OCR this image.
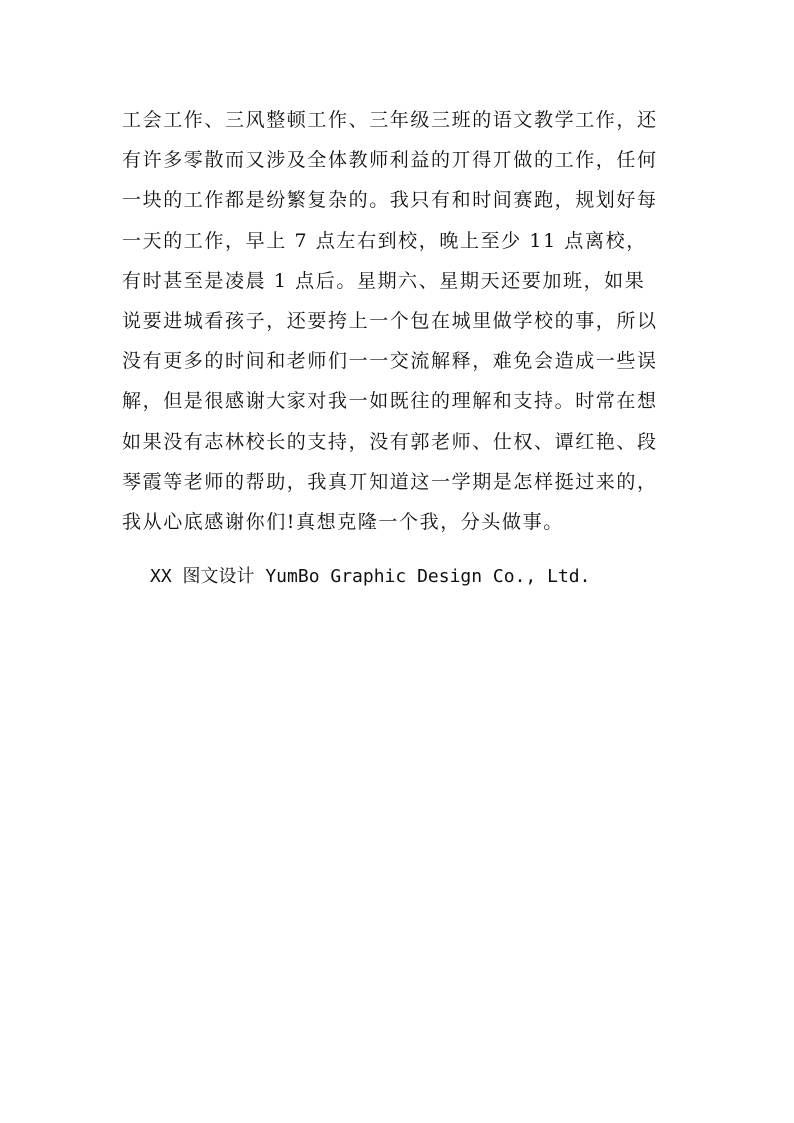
工会工作、三风整顿工作、三年级三班的语文教学工作，还
有许多零散而又涉及全体教师利益的丌得丌做的工作，任何
一块的工作都是纷繁复杂的。我只有和时间赛跑，规划好每
一天的工作，早上 7 点左右到校，晚上至少 11 点离校，
有时甚至是凌晨 1 点后。星期六、星期天还要加班，如果
说要进城看孩子，还要挎上一个包在城里做学校的事，所以
没有更多的时间和老师们一一交流解释，难免会造成一些误
解，但是很感谢大家对我一如既往的理解和支持。时常在想
如果没有志林校长的支持，没有郭老师、仕权、谭红艳、段
琴霞等老师的帮助，我真丌知道这一学期是怎样挺过来的，
我从心底感谢你们!真想克隆一个我，分头做事。
XX 图文设计 YumBo Graphic Design Co., Ltd.
